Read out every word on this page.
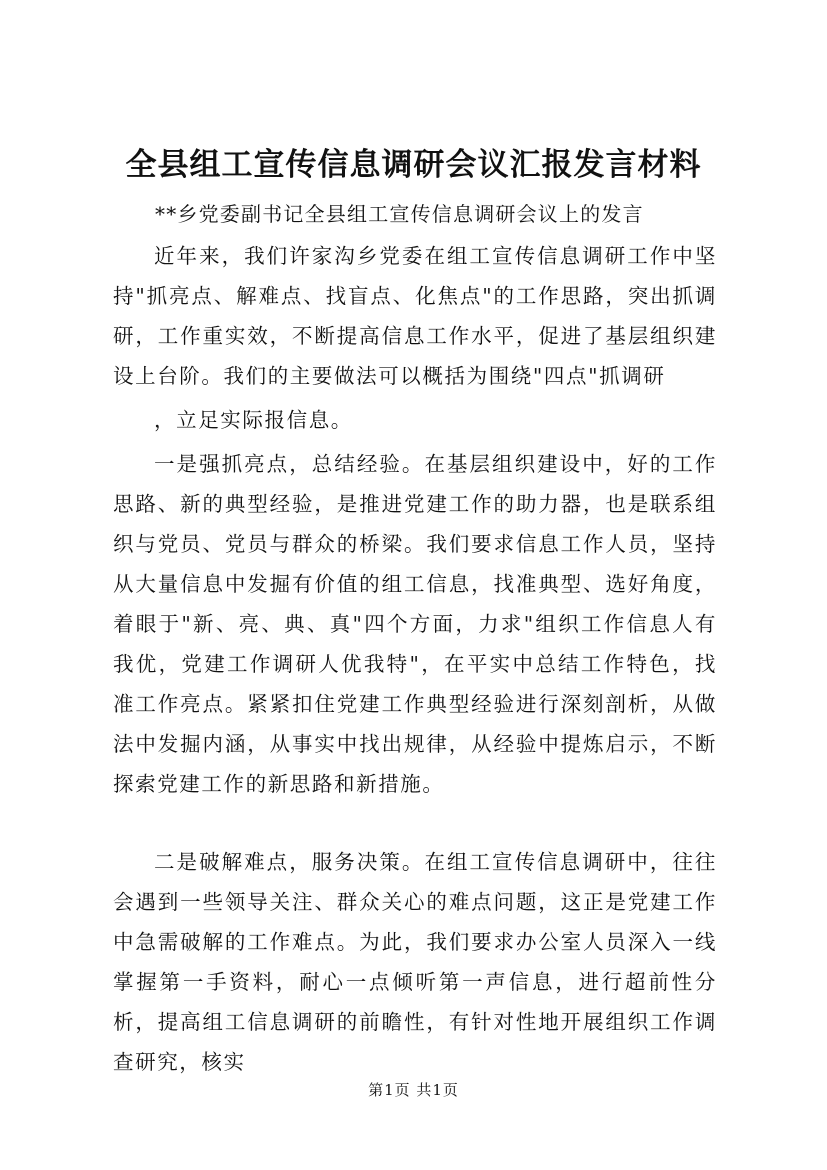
全县组工宣传信息调研会议汇报发言材料
**乡党委副书记全县组工宣传信息调研会议上的发言
近年来，我们许家沟乡党委在组工宣传信息调研工作中坚持"抓亮点、解难点、找盲点、化焦点"的工作思路，突出抓调研，工作重实效，不断提高信息工作水平，促进了基层组织建设上台阶。我们的主要做法可以概括为围绕"四点"抓调研
，立足实际报信息。
一是强抓亮点，总结经验。在基层组织建设中，好的工作思路、新的典型经验，是推进党建工作的助力器，也是联系组织与党员、党员与群众的桥梁。我们要求信息工作人员，坚持从大量信息中发掘有价值的组工信息，找准典型、选好角度，着眼于"新、亮、典、真"四个方面，力求"组织工作信息人有我优，党建工作调研人优我特"，在平实中总结工作特色，找准工作亮点。紧紧扣住党建工作典型经验进行深刻剖析，从做法中发掘内涵，从事实中找出规律，从经验中提炼启示，不断探索党建工作的新思路和新措施。
二是破解难点，服务决策。在组工宣传信息调研中，往往会遇到一些领导关注、群众关心的难点问题，这正是党建工作中急需破解的工作难点。为此，我们要求办公室人员深入一线掌握第一手资料，耐心一点倾听第一声信息，进行超前性分析，提高组工信息调研的前瞻性，有针对性地开展组织工作调查研究，核实
第1页 共1页
